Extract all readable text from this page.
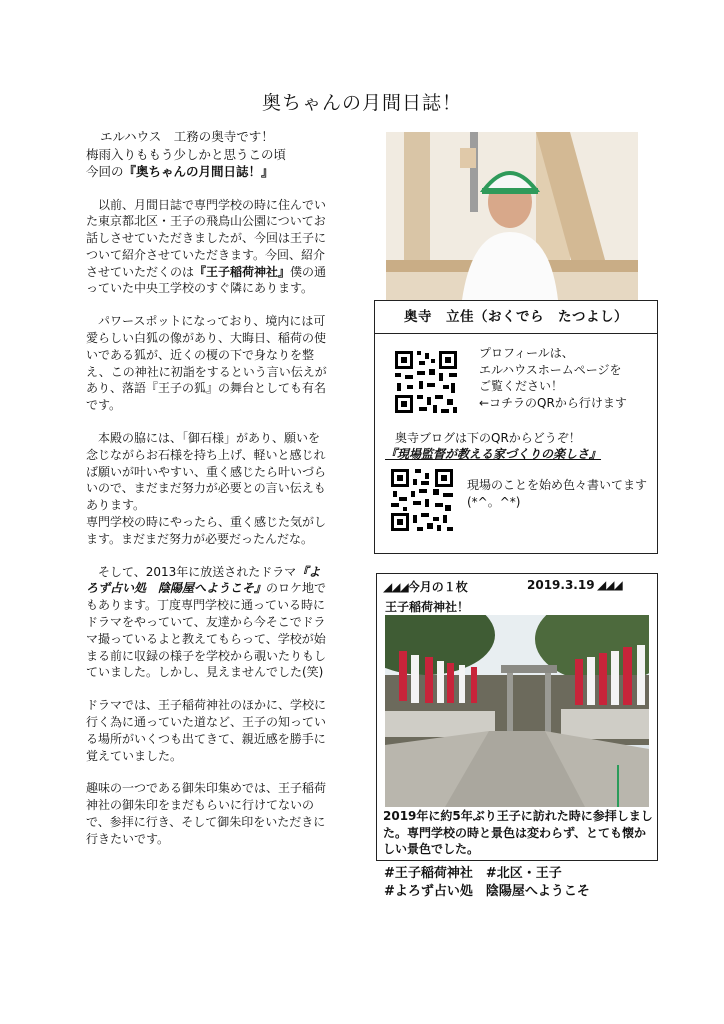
奥ちゃんの月間日誌！

エルハウス　工務の奥寺です！
梅雨入りももう少しかと思うこの頃
今回の『奥ちゃんの月間日誌！』

以前、月間日誌で専門学校の時に住んでいた東京都北区・王子の飛鳥山公園についてお話しさせていただきましたが、今回は王子について紹介させていただきます。今回、紹介させていただくのは『王子稲荷神社』僕の通っていた中央工学校のすぐ隣にあります。

パワースポットになっており、境内には可愛らしい白狐の像があり、大晦日、稲荷の使いである狐が、近くの榎の下で身なりを整え、この神社に初詣をするという言い伝えがあり、落語『王子の狐』の舞台としても有名です。

本殿の脇には、「御石様」があり、願いを念じながらお石様を持ち上げ、軽いと感じれば願いが叶いやすい、重く感じたら叶いづらいので、まだまだ努力が必要との言い伝えもあります。
専門学校の時にやったら、重く感じた気がします。まだまだ努力が必要だったんだな。

そして、2013年に放送されたドラマ『よろず占い処　陰陽屋へようこそ』のロケ地でもあります。丁度専門学校に通っている時にドラマをやっていて、友達から今そこでドラマ撮っているよと教えてもらって、学校が始まる前に収録の様子を学校から覗いたりもしていました。しかし、見えませんでした(笑)

ドラマでは、王子稲荷神社のほかに、学校に行く為に通っていた道など、王子の知っている場所がいくつも出てきて、親近感を勝手に覚えていました。

趣味の一つである御朱印集めでは、王子稲荷神社の御朱印をまだもらいに行けてないので、参拝に行き、そして御朱印をいただきに行きたいです。

奥寺　立佳（おくでら　たつよし）
プロフィールは、
エルハウスホームページを
ご覧ください！
←コチラのQRから行けます
奥寺ブログは下のQRからどうぞ！
『現場監督が教える家づくりの楽しさ』
現場のことを始め色々書いてます(*^。^*)
◢◢◢今月の１枚	2019.3.19 ◢◢◢
王子稲荷神社！
2019年に約5年ぶり王子に訪れた時に参拝しました。専門学校の時と景色は変わらず、とても懐かしい景色でした。
#王子稲荷神社　#北区・王子
#よろず占い処　陰陽屋へようこそ
